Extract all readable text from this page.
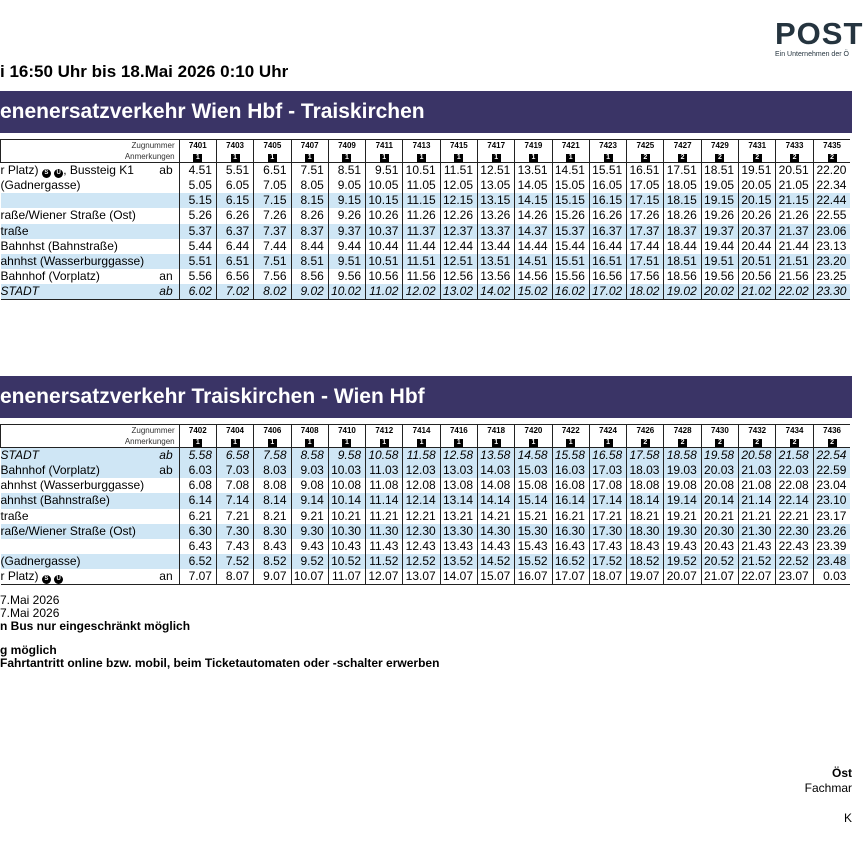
POST
Ein Unternehmen der Ö
i 16:50 Uhr bis 18.Mai 2026 0:10 Uhr
enenersatzverkehr Wien Hbf - Traiskirchen
Zugnummer		7401	7403	7405	7407	7409	7411	7413	7415	7417	7419	7421	7423	7425	7427	7429	7431	7433	7435
Anmerkungen		1	1	1	1	1	1	1	1	1	1	1	1	2	2	2	2	2	2
r Platz) S U , Bussteig K1	ab	4.51	5.51	6.51	7.51	8.51	9.51	10.51	11.51	12.51	13.51	14.51	15.51	16.51	17.51	18.51	19.51	20.51	22.20
(Gadnergasse)		5.05	6.05	7.05	8.05	9.05	10.05	11.05	12.05	13.05	14.05	15.05	16.05	17.05	18.05	19.05	20.05	21.05	22.34
		5.15	6.15	7.15	8.15	9.15	10.15	11.15	12.15	13.15	14.15	15.15	16.15	17.15	18.15	19.15	20.15	21.15	22.44
raße/Wiener Straße (Ost)		5.26	6.26	7.26	8.26	9.26	10.26	11.26	12.26	13.26	14.26	15.26	16.26	17.26	18.26	19.26	20.26	21.26	22.55
traße		5.37	6.37	7.37	8.37	9.37	10.37	11.37	12.37	13.37	14.37	15.37	16.37	17.37	18.37	19.37	20.37	21.37	23.06
Bahnhst (Bahnstraße)		5.44	6.44	7.44	8.44	9.44	10.44	11.44	12.44	13.44	14.44	15.44	16.44	17.44	18.44	19.44	20.44	21.44	23.13
ahnhst (Wasserburggasse)		5.51	6.51	7.51	8.51	9.51	10.51	11.51	12.51	13.51	14.51	15.51	16.51	17.51	18.51	19.51	20.51	21.51	23.20
Bahnhof (Vorplatz)	an	5.56	6.56	7.56	8.56	9.56	10.56	11.56	12.56	13.56	14.56	15.56	16.56	17.56	18.56	19.56	20.56	21.56	23.25
STADT	ab	6.02	7.02	8.02	9.02	10.02	11.02	12.02	13.02	14.02	15.02	16.02	17.02	18.02	19.02	20.02	21.02	22.02	23.30
enenersatzverkehr Traiskirchen - Wien Hbf
Zugnummer		7402	7404	7406	7408	7410	7412	7414	7416	7418	7420	7422	7424	7426	7428	7430	7432	7434	7436
Anmerkungen		1	1	1	1	1	1	1	1	1	1	1	1	2	2	2	2	2	2
STADT	ab	5.58	6.58	7.58	8.58	9.58	10.58	11.58	12.58	13.58	14.58	15.58	16.58	17.58	18.58	19.58	20.58	21.58	22.54
Bahnhof (Vorplatz)	ab	6.03	7.03	8.03	9.03	10.03	11.03	12.03	13.03	14.03	15.03	16.03	17.03	18.03	19.03	20.03	21.03	22.03	22.59
ahnhst (Wasserburggasse)		6.08	7.08	8.08	9.08	10.08	11.08	12.08	13.08	14.08	15.08	16.08	17.08	18.08	19.08	20.08	21.08	22.08	23.04
ahnhst (Bahnstraße)		6.14	7.14	8.14	9.14	10.14	11.14	12.14	13.14	14.14	15.14	16.14	17.14	18.14	19.14	20.14	21.14	22.14	23.10
traße		6.21	7.21	8.21	9.21	10.21	11.21	12.21	13.21	14.21	15.21	16.21	17.21	18.21	19.21	20.21	21.21	22.21	23.17
raße/Wiener Straße (Ost)		6.30	7.30	8.30	9.30	10.30	11.30	12.30	13.30	14.30	15.30	16.30	17.30	18.30	19.30	20.30	21.30	22.30	23.26
		6.43	7.43	8.43	9.43	10.43	11.43	12.43	13.43	14.43	15.43	16.43	17.43	18.43	19.43	20.43	21.43	22.43	23.39
(Gadnergasse)		6.52	7.52	8.52	9.52	10.52	11.52	12.52	13.52	14.52	15.52	16.52	17.52	18.52	19.52	20.52	21.52	22.52	23.48
r Platz) S U	an	7.07	8.07	9.07	10.07	11.07	12.07	13.07	14.07	15.07	16.07	17.07	18.07	19.07	20.07	21.07	22.07	23.07	0.03
7.Mai 2026
7.Mai 2026
n Bus nur eingeschränkt möglich
g möglich
Fahrtantritt online bzw. mobil, beim Ticketautomaten oder -schalter erwerben
Öst
Fachmar
K
